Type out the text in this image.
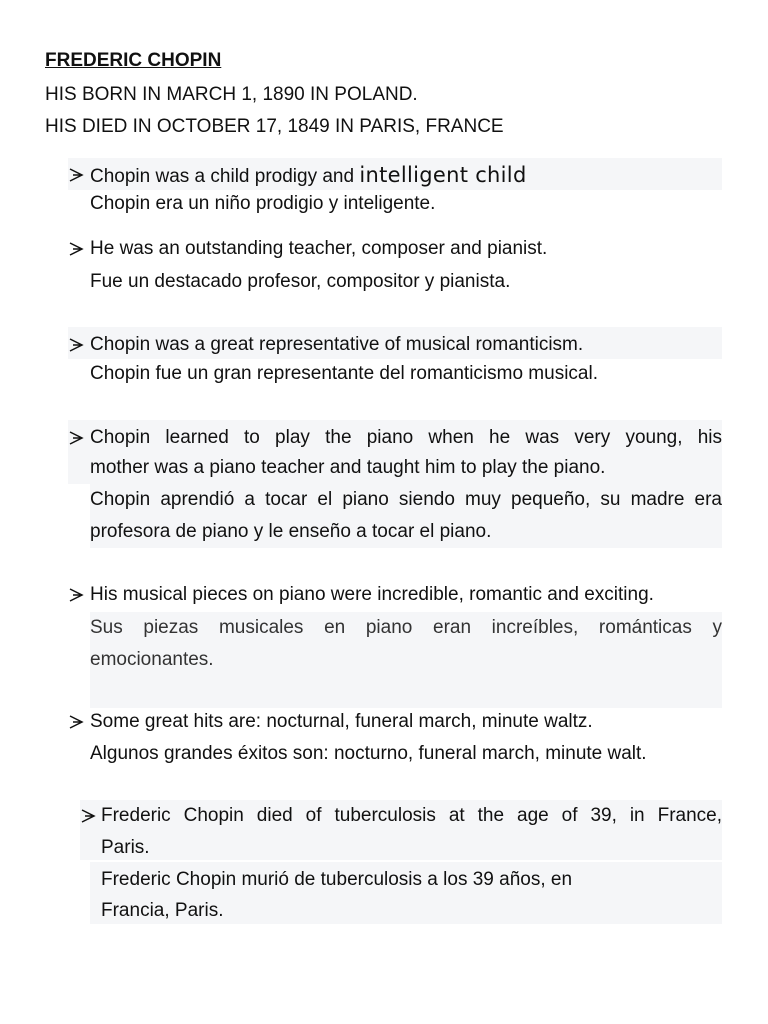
FREDERIC CHOPIN
HIS BORN IN MARCH 1, 1890 IN POLAND.
HIS DIED IN OCTOBER 17, 1849 IN PARIS, FRANCE
Chopin was a child prodigy and intelligent child
Chopin era un niño prodigio y inteligente.
He was an outstanding teacher, composer and pianist.
Fue un destacado profesor, compositor y pianista.
Chopin was a great representative of musical romanticism.
Chopin fue un gran representante del romanticismo musical.
Chopin learned to play the piano when he was very young, his
mother was a piano teacher and taught him to play the piano.
Chopin aprendió a tocar el piano siendo muy pequeño, su madre era
profesora de piano y le enseño a tocar el piano.
His musical pieces on piano were incredible, romantic and exciting.
Sus piezas musicales en piano eran increíbles, románticas y
emocionantes.
Some great hits are: nocturnal, funeral march, minute waltz.
Algunos grandes éxitos son: nocturno, funeral march, minute walt.
Frederic Chopin died of tuberculosis at the age of 39, in France,
Paris.
Frederic Chopin murió de tuberculosis a los 39 años, en
Francia, Paris.
